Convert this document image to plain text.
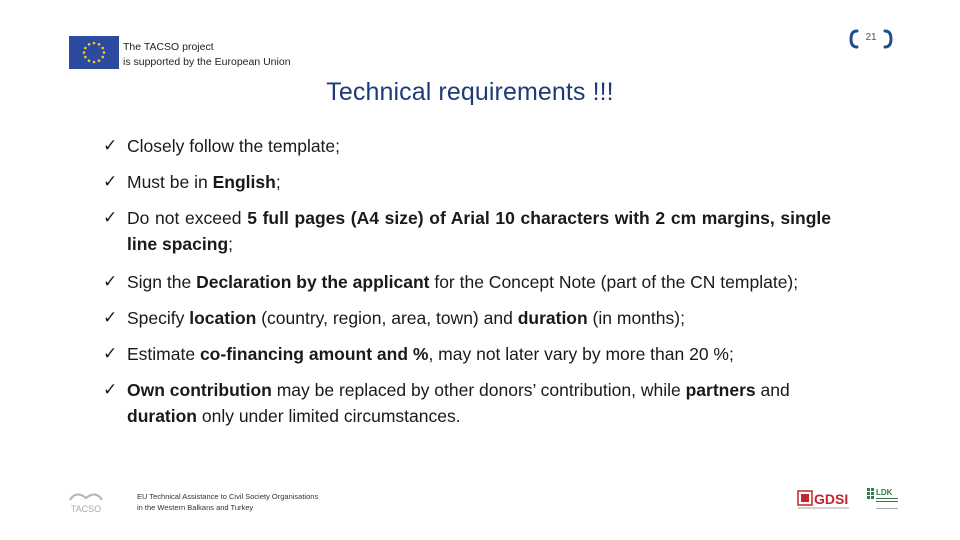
The TACSO project
is supported by the European Union
21
Technical requirements !!!
✓ Closely follow the template;
✓ Must be in English;
✓ Do not exceed 5 full pages (A4 size) of Arial 10 characters with 2 cm margins, single line spacing;
✓ Sign the Declaration by the applicant for the Concept Note (part of the CN template);
✓ Specify location (country, region, area, town) and duration (in months);
✓ Estimate co-financing amount and %, may not later vary by more than 20 %;
✓ Own contribution may be replaced by other donors’ contribution, while partners and duration only under limited circumstances.
TACSO
EU Technical Assistance to Civil Society Organisations
in the Western Balkans and Turkey
GDSI	LDK
